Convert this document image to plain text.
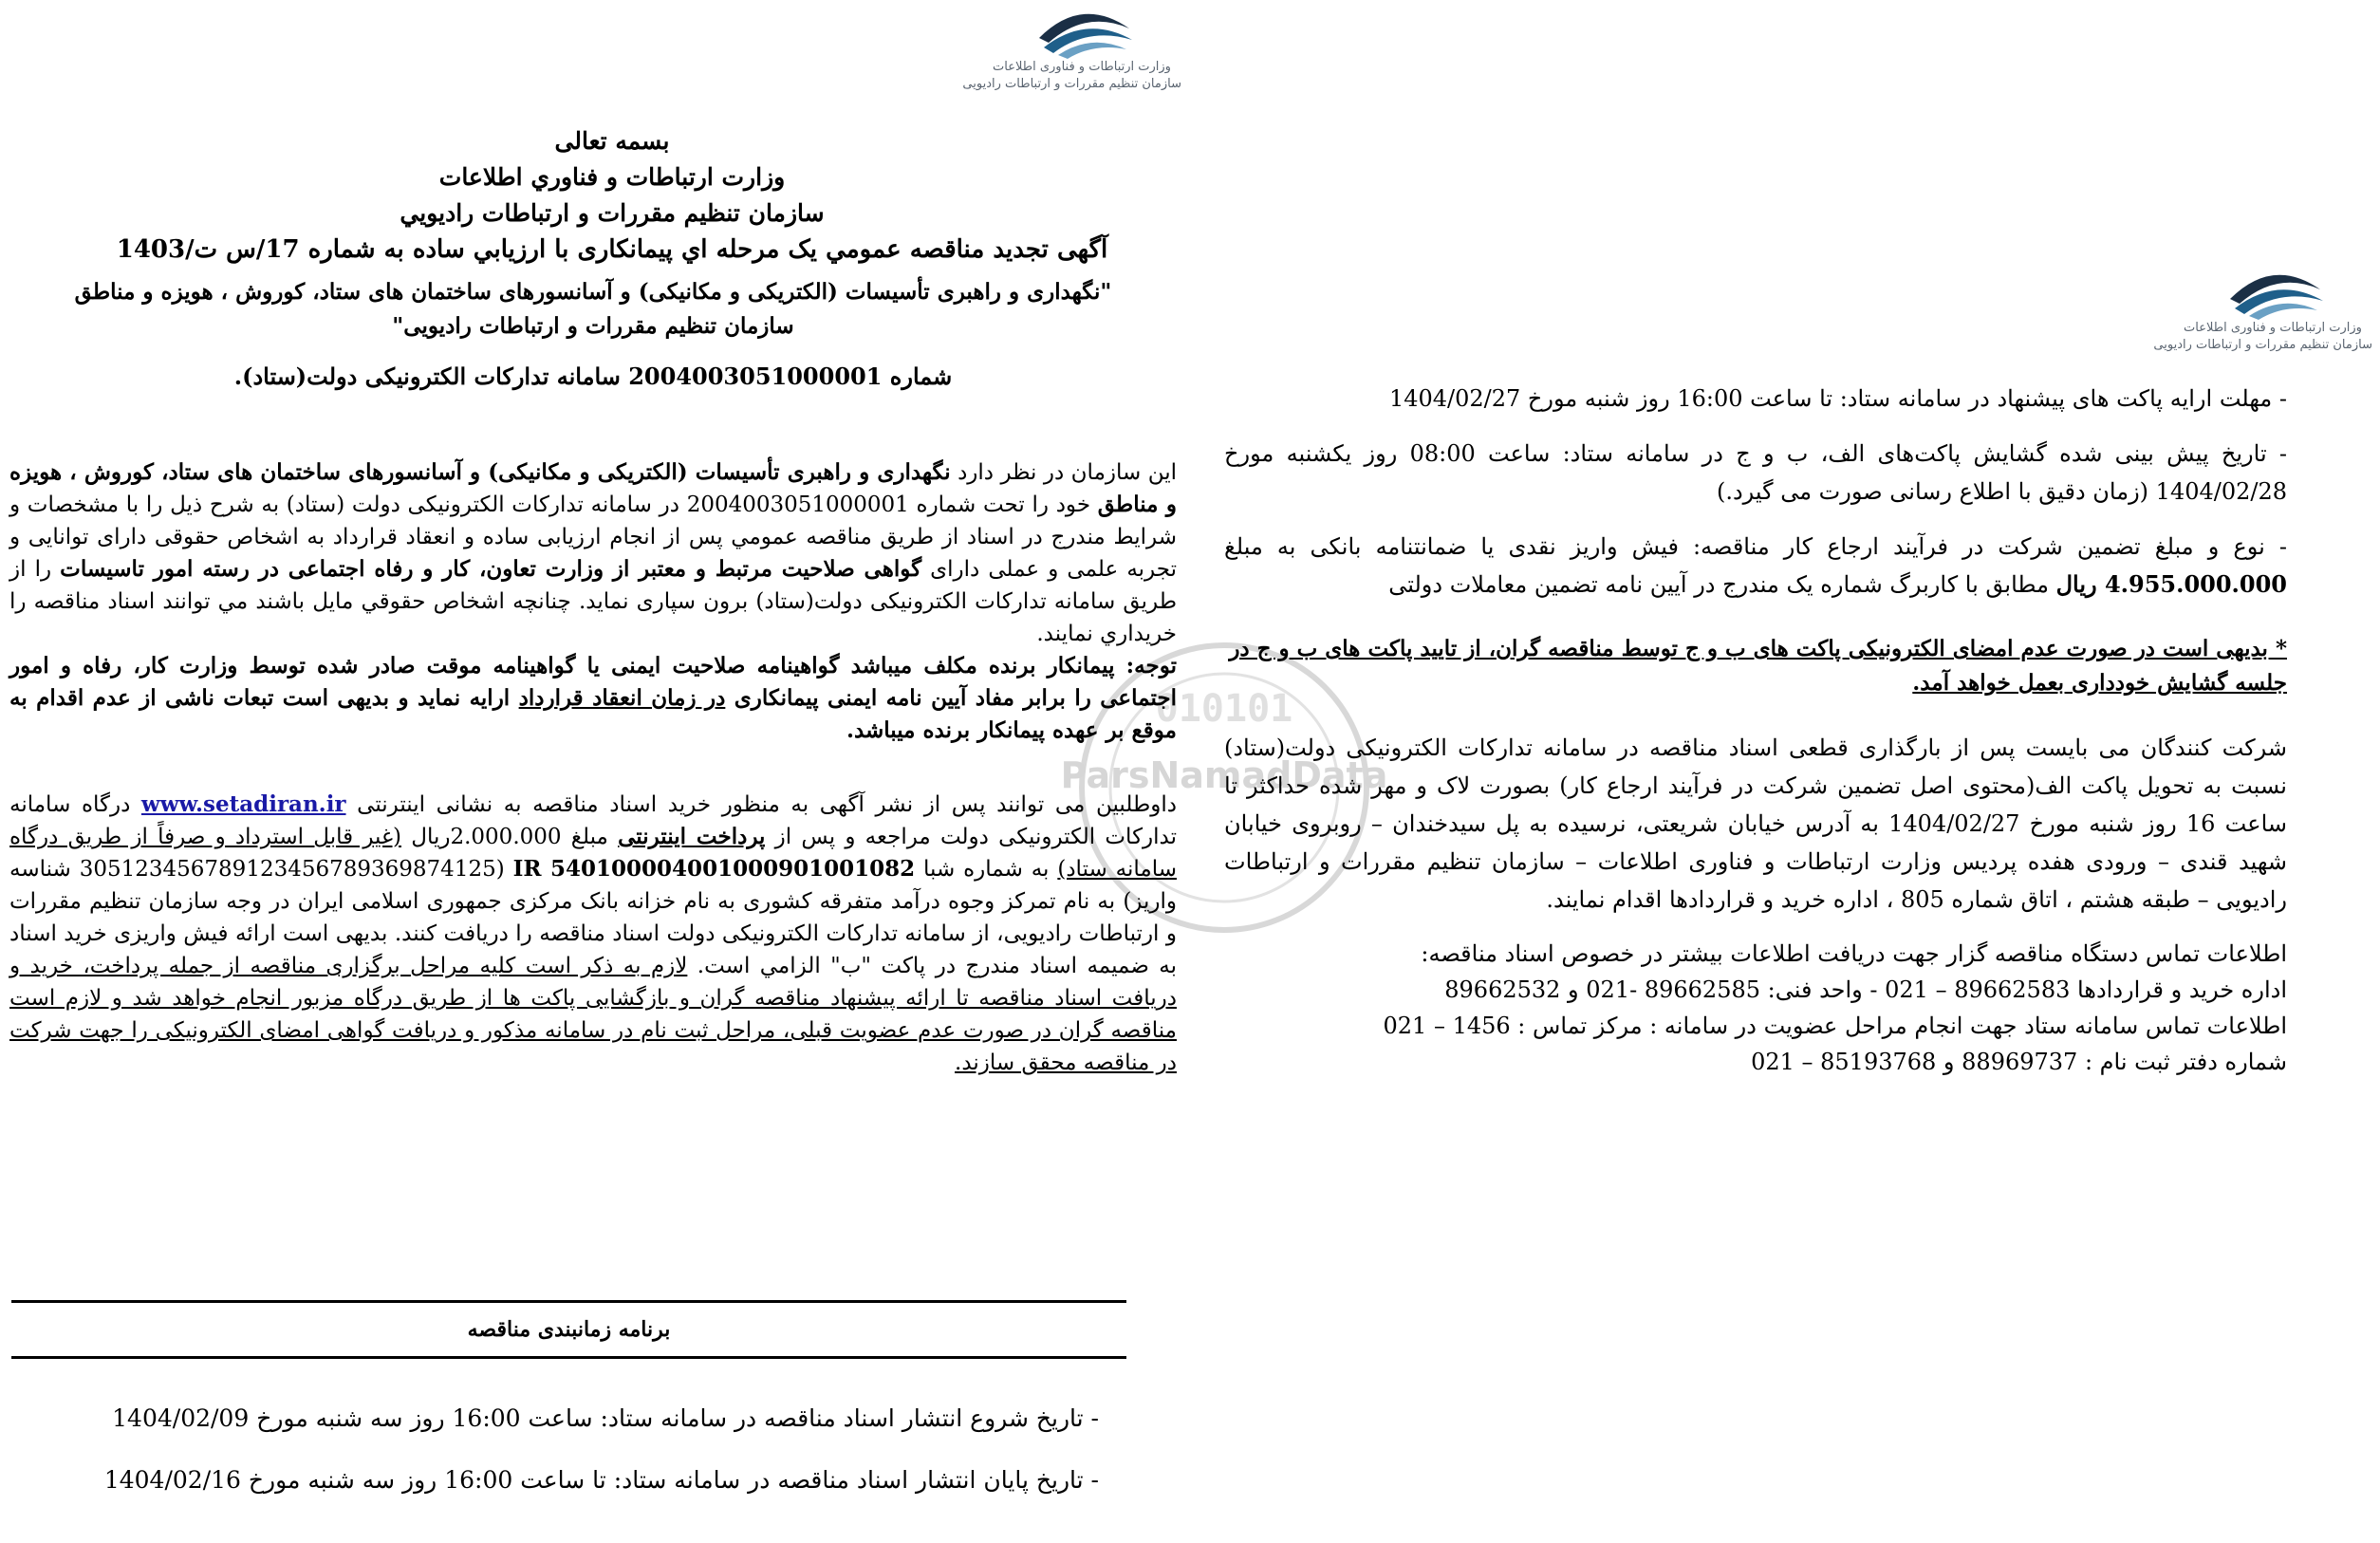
وزارت ارتباطات و فناوری اطلاعات
سازمان تنظیم مقررات و ارتباطات رادیویی
وزارت ارتباطات و فناوری اطلاعات
سازمان تنظیم مقررات و ارتباطات رادیویی
010101
ParsNamadData

بسمه تعالی

وزارت ارتباطات و فناوري اطلاعات

سازمان تنظیم مقررات و ارتباطات رادیویي

آگهی تجدید مناقصه عمومي یک مرحله اي پیمانکاری با ارزیابي ساده به شماره 17/س ت/1403

"نگهداری و راهبری تأسیسات (الکتریکی و مکانیکی) و آسانسورهای ساختمان های ستاد، کوروش ، هویزه و مناطق

سازمان تنظیم مقررات و ارتباطات رادیویی"

شماره 2004003051000001 سامانه تدارکات الکترونیکی دولت(ستاد).

این سازمان در نظر دارد نگهداری و راهبری تأسیسات (الکتریکی و مکانیکی) و آسانسورهای ساختمان های ستاد، کوروش ، هویزه و مناطق خود را تحت شماره 2004003051000001 در سامانه تدارکات الکترونیکی دولت (ستاد) به شرح ذیل را با مشخصات و شرایط مندرج در اسناد از طریق مناقصه عمومي پس از انجام ارزیابی ساده و انعقاد قرارداد به اشخاص حقوقی دارای توانایی و تجربه علمی و عملی دارای گواهی صلاحیت مرتبط و معتبر از وزارت تعاون، کار و رفاه اجتماعی در رسته امور تاسیسات را از طریق سامانه تدارکات الکترونیکی دولت(ستاد) برون سپاری نماید. چنانچه اشخاص حقوقي مایل باشند مي توانند اسناد مناقصه را خریداري نمایند.

توجه: پیمانکار برنده مکلف میباشد گواهینامه صلاحیت ایمنی یا گواهینامه موقت صادر شده توسط وزارت کار، رفاه و امور اجتماعی را برابر مفاد آیین نامه ایمنی پیمانکاری در زمان انعقاد قرارداد ارایه نماید و بدیهی است تبعات ناشی از عدم اقدام به موقع بر عهده پیمانکار برنده میباشد.

داوطلبین می توانند پس از نشر آگهی به منظور خرید اسناد مناقصه به نشانی اینترنتی www.setadiran.ir درگاه سامانه تدارکات الکترونیکی دولت مراجعه و پس از پرداخت اینترنتی مبلغ 2.000.000ریال (غیر قابل استرداد و صرفاً از طریق درگاه سامانه ستاد) به شماره شبا IR 540100004001000901001082 (305123456789123456789369874125 شناسه واریز) به نام تمرکز وجوه درآمد متفرقه کشوری به نام خزانه بانک مرکزی جمهوری اسلامی ایران در وجه سازمان تنظیم مقررات و ارتباطات رادیویی، از سامانه تدارکات الکترونیکی دولت اسناد مناقصه را دریافت کنند. بدیهی است ارائه فیش واریزی خرید اسناد به ضمیمه اسناد مندرج در پاکت "ب" الزامي است. لازم به ذکر است کلیه مراحل برگزاری مناقصه از جمله پرداخت، خرید و دریافت اسناد مناقصه تا ارائه پیشنهاد مناقصه گران و بازگشایی پاکت ها از طریق درگاه مزبور انجام خواهد شد و لازم است مناقصه گران در صورت عدم عضویت قبلی، مراحل ثبت نام در سامانه مذکور و دریافت گواهی امضای الکترونیکی را جهت شرکت در مناقصه محقق سازند.

برنامه زمانبندی مناقصه
- تاریخ شروع انتشار اسناد مناقصه در سامانه ستاد: ساعت 16:00 روز سه شنبه مورخ 1404/02/09
- تاریخ پایان انتشار اسناد مناقصه در سامانه ستاد: تا ساعت 16:00 روز سه شنبه مورخ 1404/02/16

- مهلت ارایه پاکت های پیشنهاد در سامانه ستاد: تا ساعت 16:00 روز شنبه مورخ 1404/02/27

- تاریخ پیش بینی شده گشایش پاکت‌های الف، ب و ج در سامانه ستاد: ساعت 08:00 روز یکشنبه مورخ 1404/02/28 (زمان دقیق با اطلاع رسانی صورت می گیرد.)

- نوع و مبلغ تضمین شرکت در فرآیند ارجاع کار مناقصه: فیش واریز نقدی یا ضمانتنامه بانکی به مبلغ 4.955.000.000 ریال مطابق با کاربرگ شماره یک مندرج در آیین نامه تضمین معاملات دولتی

* بدیهی است در صورت عدم امضای الکترونیکی پاکت های ب و ج توسط مناقصه گران، از تایید پاکت های ب و ج در جلسه گشایش خودداری بعمل خواهد آمد.

شرکت کنندگان می بایست پس از بارگذاری قطعی اسناد مناقصه در سامانه تدارکات الکترونیکی دولت(ستاد) نسبت به تحویل پاکت الف(محتوی اصل تضمین شرکت در فرآیند ارجاع کار) بصورت لاک و مهر شده حداکثر تا ساعت 16 روز شنبه مورخ 1404/02/27 به آدرس خیابان شریعتی، نرسیده به پل سیدخندان – روبروی خیابان شهید قندی – ورودی هفده پردیس وزارت ارتباطات و فناوری اطلاعات – سازمان تنظیم مقررات و ارتباطات رادیویی – طبقه هشتم ، اتاق شماره 805 ، اداره خرید و قراردادها اقدام نمایند.

اطلاعات تماس دستگاه مناقصه گزار جهت دریافت اطلاعات بیشتر در خصوص اسناد مناقصه:

اداره خرید و قراردادها 89662583 – 021 - واحد فنی: 89662585 -021 و 89662532

اطلاعات تماس سامانه ستاد جهت انجام مراحل عضویت در سامانه : مرکز تماس : 1456 – 021

شماره دفتر ثبت نام : 88969737 و 85193768 – 021
